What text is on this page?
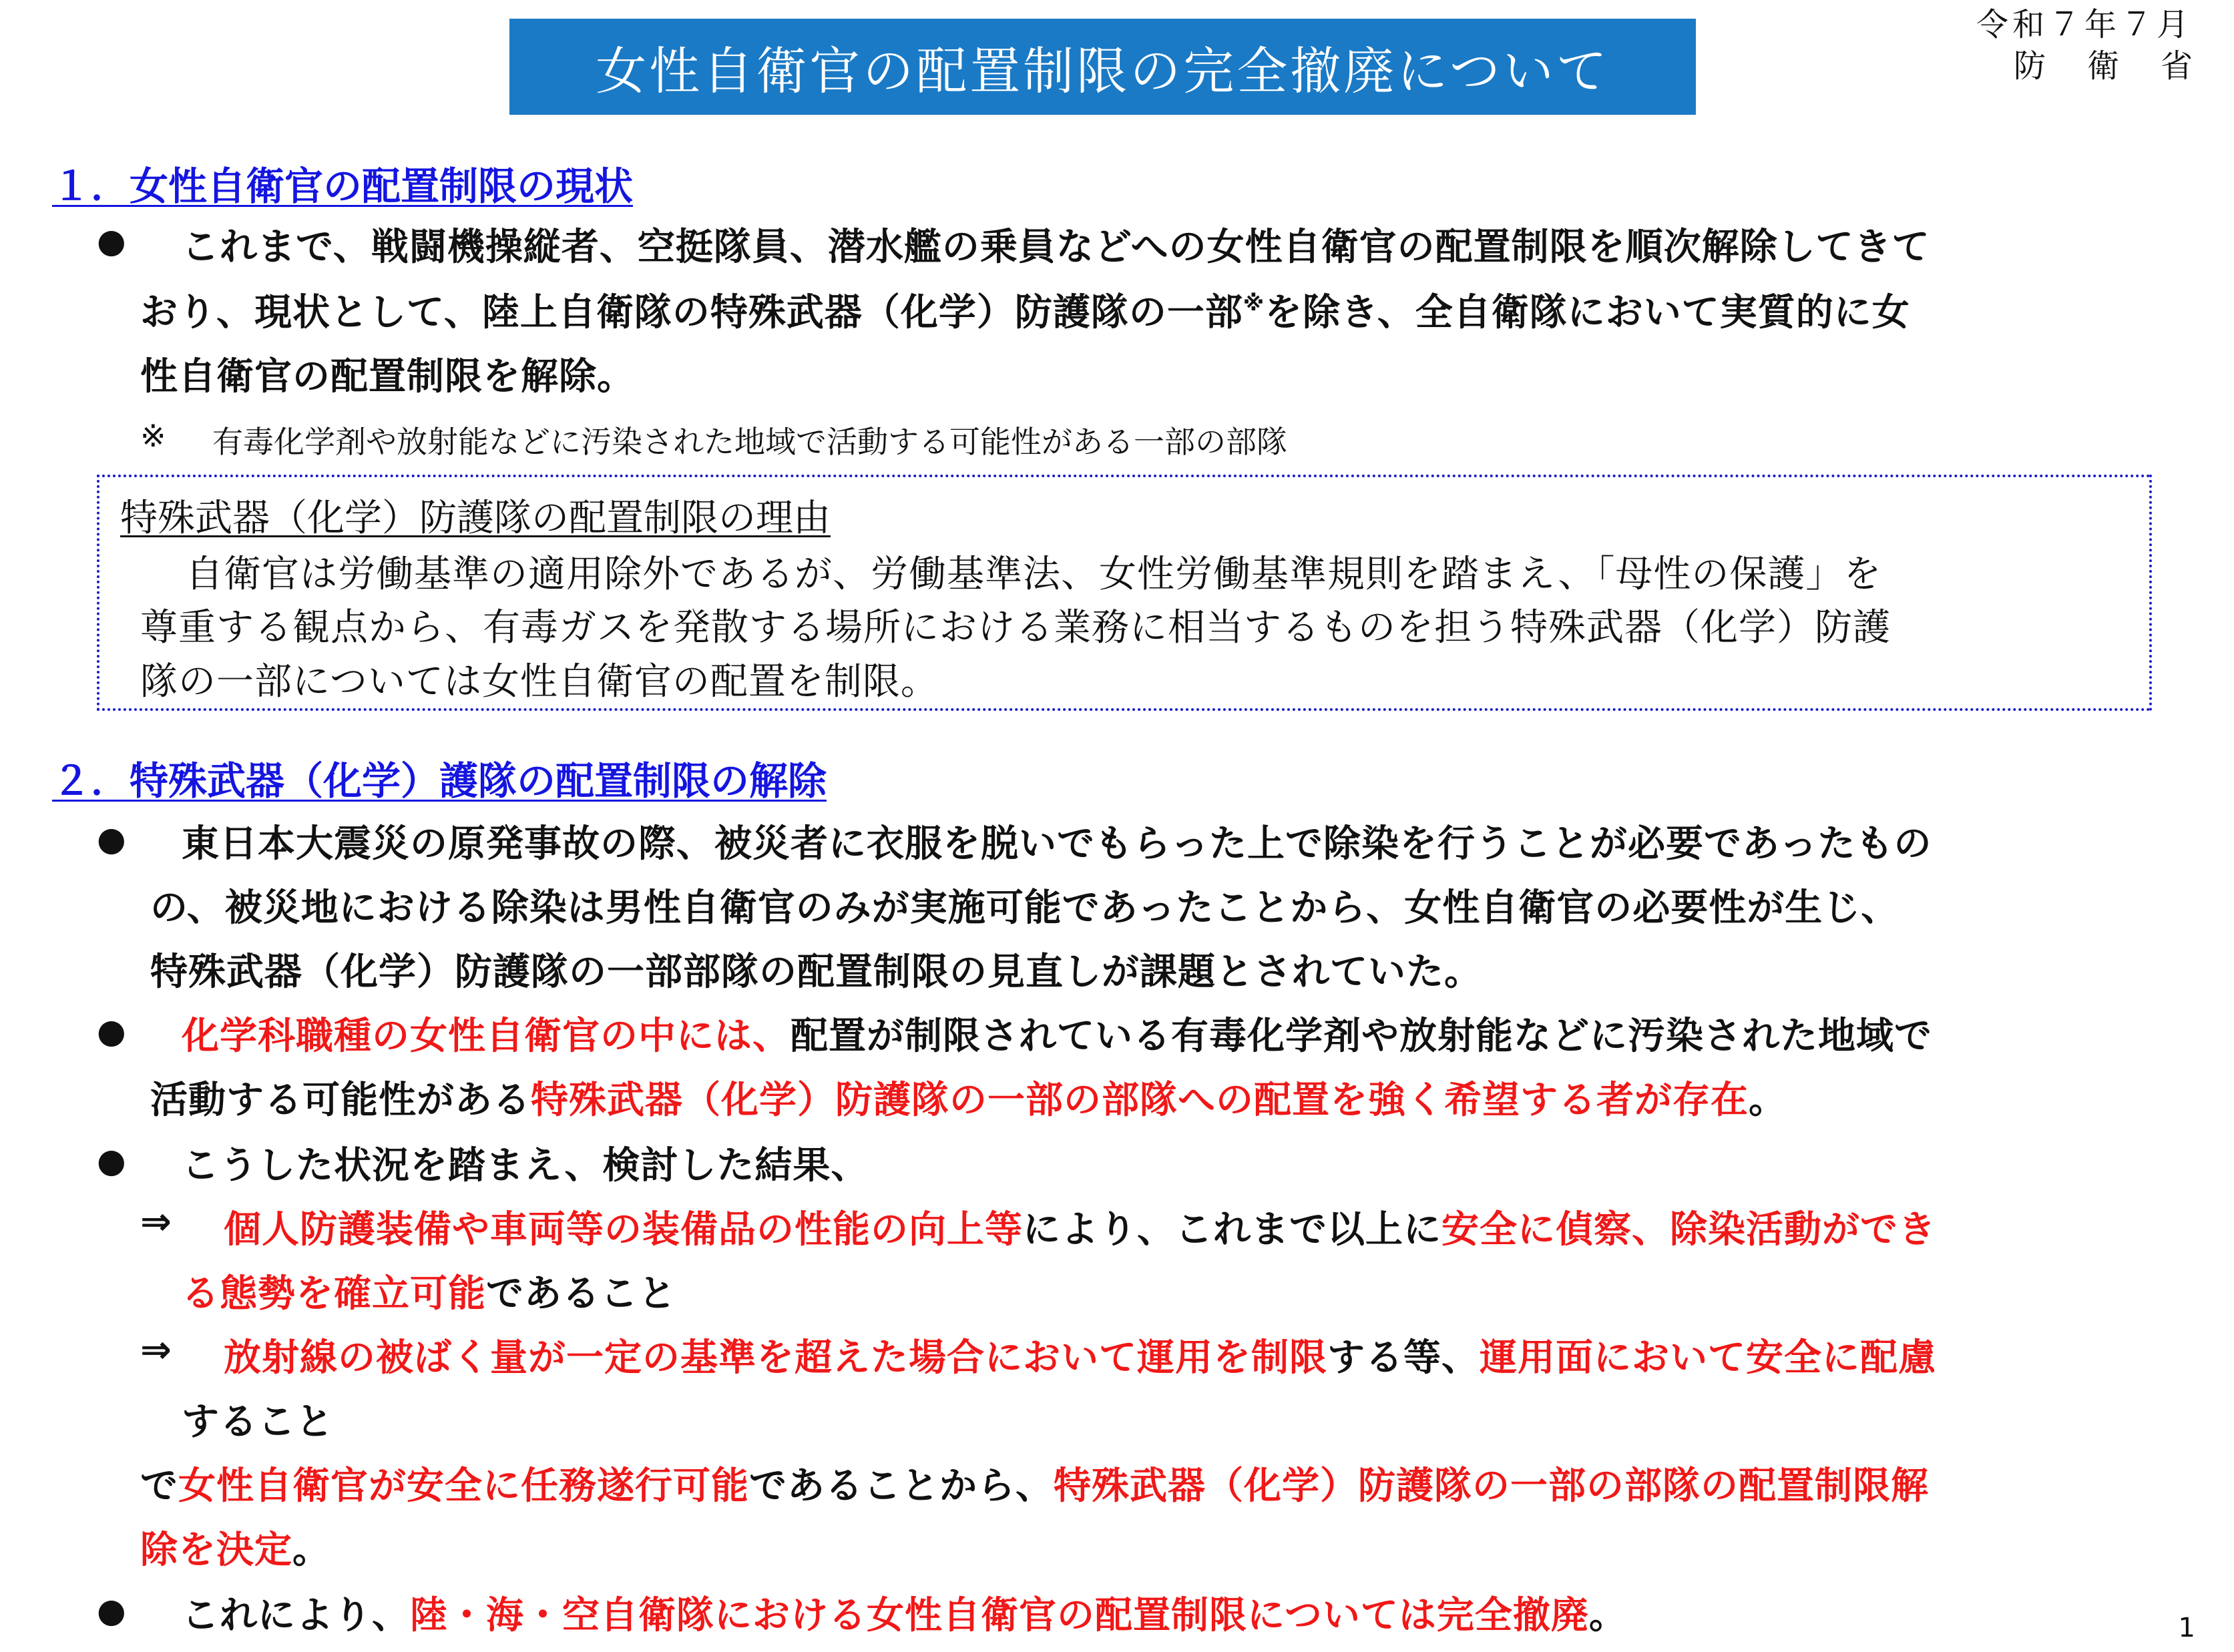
女性自衛官の配置制限の完全撤廃について
令和７年７月
防衛省
１．女性自衛官の配置制限の現状
● これまで、戦闘機操縦者、空挺隊員、潜水艦の乗員などへの女性自衛官の配置制限を順次解除してきて
おり、現状として、陸上自衛隊の特殊武器（化学）防護隊の一部※を除き、全自衛隊において実質的に女
性自衛官の配置制限を解除。
※ 有毒化学剤や放射能などに汚染された地域で活動する可能性がある一部の部隊
特殊武器（化学）防護隊の配置制限の理由
自衛官は労働基準の適用除外であるが、労働基準法、女性労働基準規則を踏まえ、「母性の保護」を
尊重する観点から、有毒ガスを発散する場所における業務に相当するものを担う特殊武器（化学）防護
隊の一部については女性自衛官の配置を制限。
２．特殊武器（化学）護隊の配置制限の解除
● 東日本大震災の原発事故の際、被災者に衣服を脱いでもらった上で除染を行うことが必要であったもの
の、被災地における除染は男性自衛官のみが実施可能であったことから、女性自衛官の必要性が生じ、
特殊武器（化学）防護隊の一部部隊の配置制限の見直しが課題とされていた。
● 化学科職種の女性自衛官の中には、配置が制限されている有毒化学剤や放射能などに汚染された地域で
活動する可能性がある特殊武器（化学）防護隊の一部の部隊への配置を強く希望する者が存在。
● こうした状況を踏まえ、検討した結果、
⇒ 個人防護装備や車両等の装備品の性能の向上等により、これまで以上に安全に偵察、除染活動ができ
る態勢を確立可能であること
⇒ 放射線の被ばく量が一定の基準を超えた場合において運用を制限する等、運用面において安全に配慮
すること
で女性自衛官が安全に任務遂行可能であることから、特殊武器（化学）防護隊の一部の部隊の配置制限解
除を決定。
● これにより、陸・海・空自衛隊における女性自衛官の配置制限については完全撤廃。	1
